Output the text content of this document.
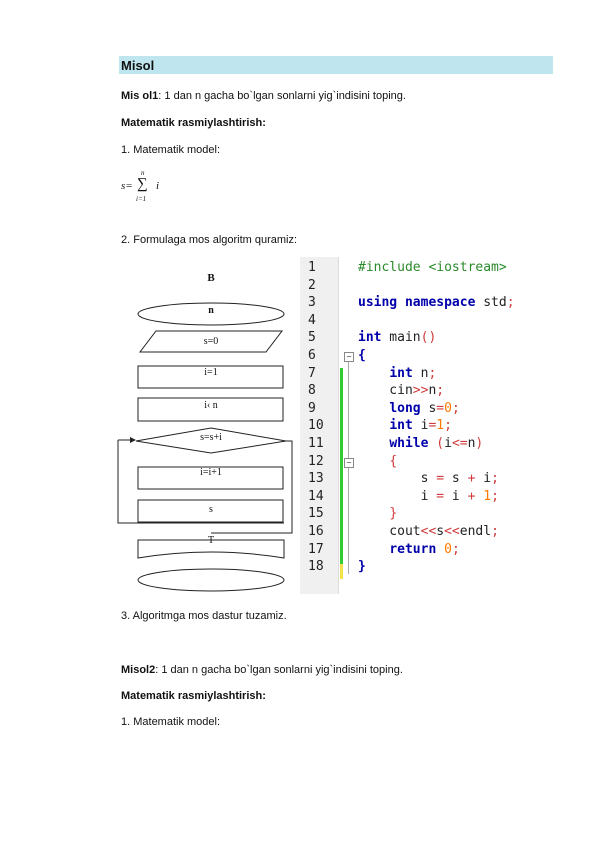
Misol
Mis ol1: 1 dan n gacha bo`lgan sonlarni yig`indisini toping.
Matematik rasmiylashtirish:
1. Matematik model:
s= ∑
n
i=1
i
2. Formulaga mos algoritm quramiz:
B
n
s=0
i=1
i‹ n
s=s+i
i=i+1
s
T
1
2
3
4
5
6
7
8
9
10
11
12
13
14
15
16
17
18
−
−
#include <iostream>
using namespace std;
int main()
{
int n;
cin>>n;
long s=0;
int i=1;
while (i<=n)
{
s = s + i;
i = i + 1;
}
cout<<s<<endl;
return 0;
}
3. Algoritmga mos dastur tuzamiz.
Misol2: 1 dan n gacha bo`lgan sonlarni yig`indisini toping.
Matematik rasmiylashtirish:
1. Matematik model:
